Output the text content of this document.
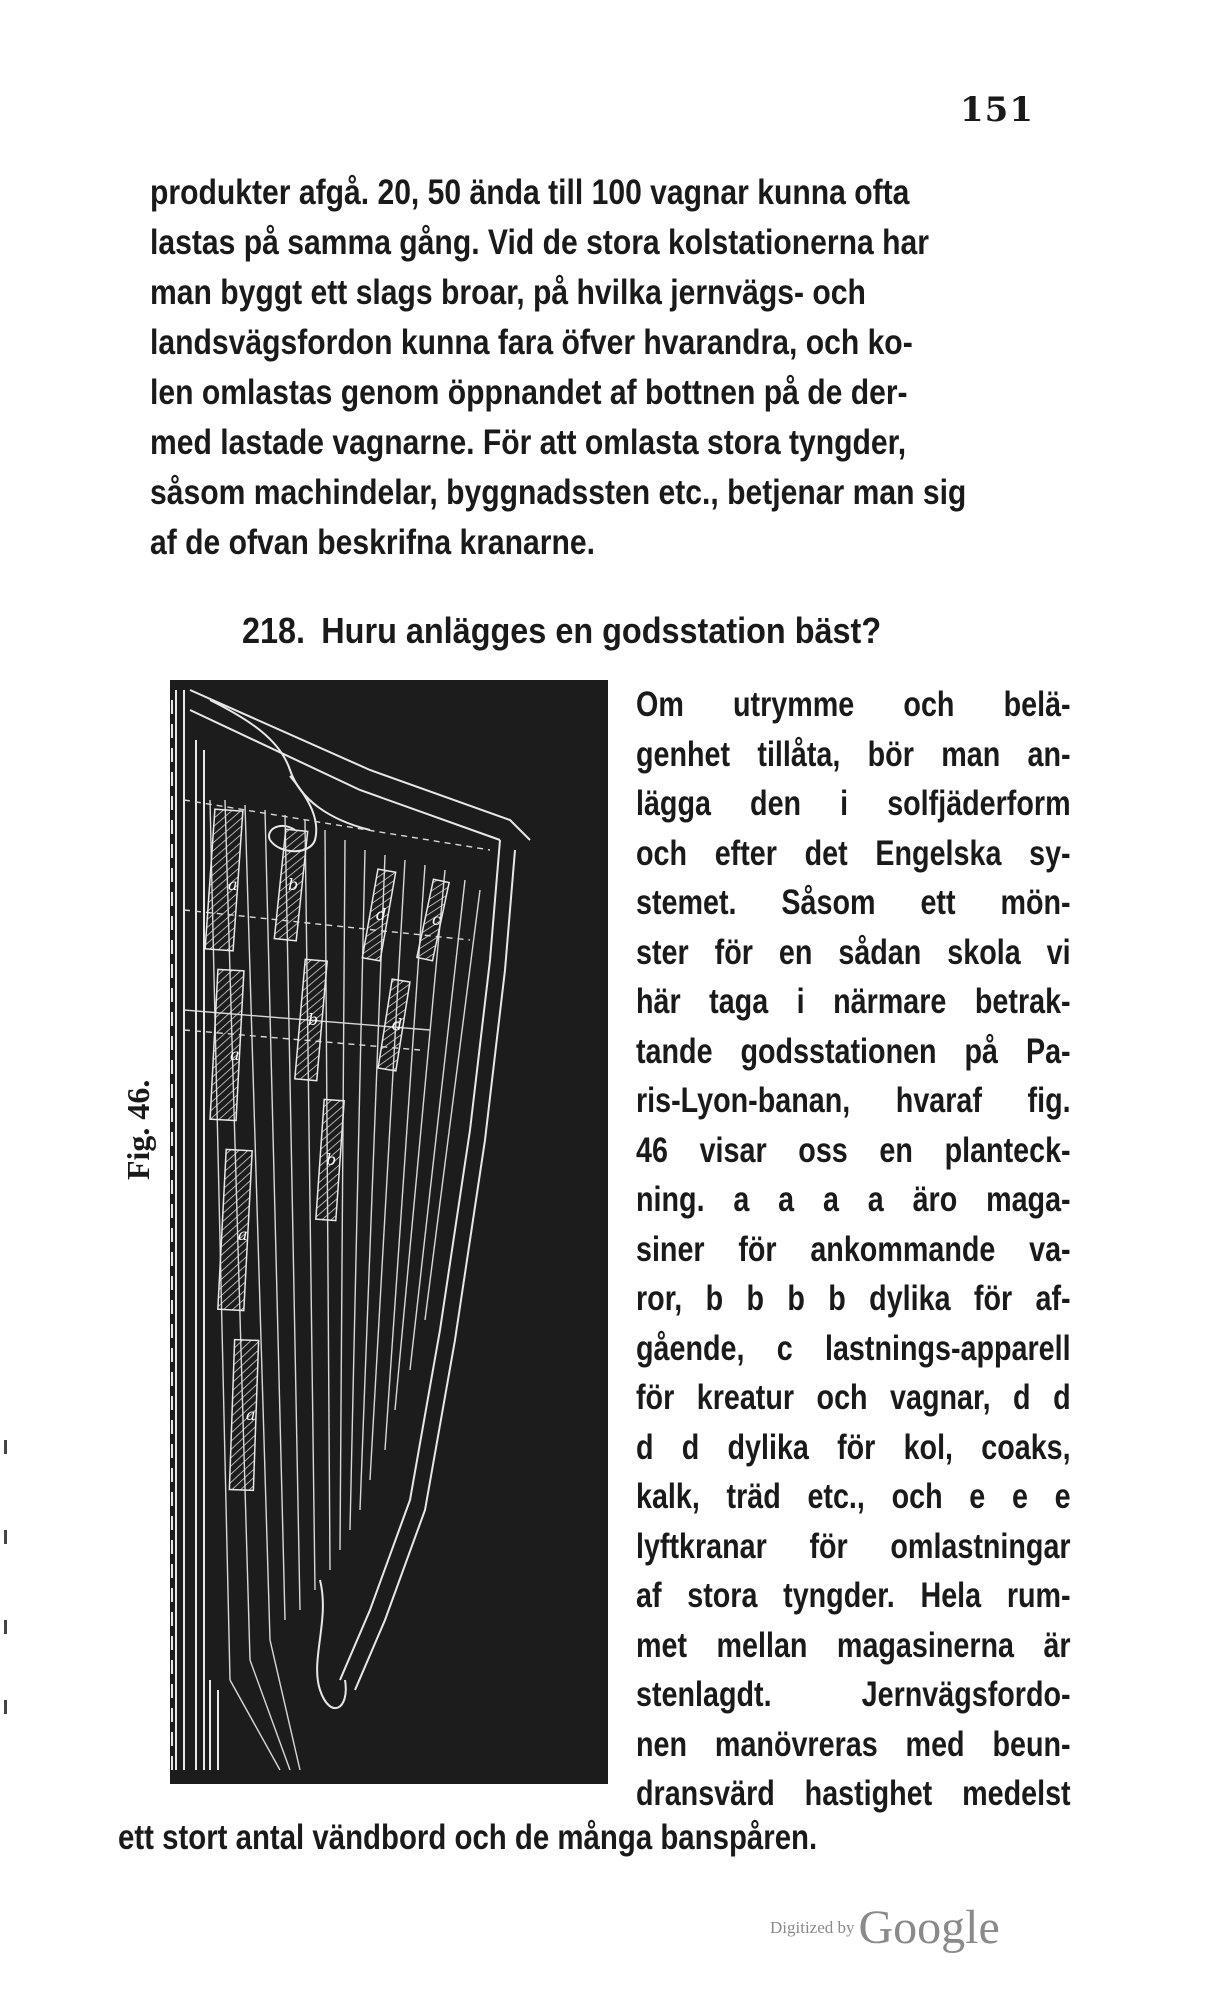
151
produkter afgå. 20, 50 ända till 100 vagnar kunna ofta
lastas på samma gång. Vid de stora kolstationerna har
man byggt ett slags broar, på hvilka jernvägs- och
landsvägsfordon kunna fara öfver hvarandra, och ko-
len omlastas genom öppnandet af bottnen på de der-
med lastade vagnarne. För att omlasta stora tyngder,
såsom machindelar, byggnadssten etc., betjenar man sig
af de ofvan beskrifna kranarne.
218. Huru anlägges en godsstation bäst?
Fig. 46.
a
a
a
a
b
b
b
d
d
c
Om utrymme och belä-
genhet tillåta, bör man an-
lägga den i solfjäderform
och efter det Engelska sy-
stemet. Såsom ett mön-
ster för en sådan skola vi
här taga i närmare betrak-
tande godsstationen på Pa-
ris-Lyon-banan, hvaraf fig.
46 visar oss en planteck-
ning. a a a a äro maga-
siner för ankommande va-
ror, b b b b dylika för af-
gående, c lastnings-apparell
för kreatur och vagnar, d d
d d dylika för kol, coaks,
kalk, träd etc., och e e e
lyftkranar för omlastningar
af stora tyngder. Hela rum-
met mellan magasinerna är
stenlagdt. Jernvägsfordo-
nen manövreras med beun-
dransvärd hastighet medelst
ett stort antal vändbord och de många banspåren.
Digitized byGoogle
